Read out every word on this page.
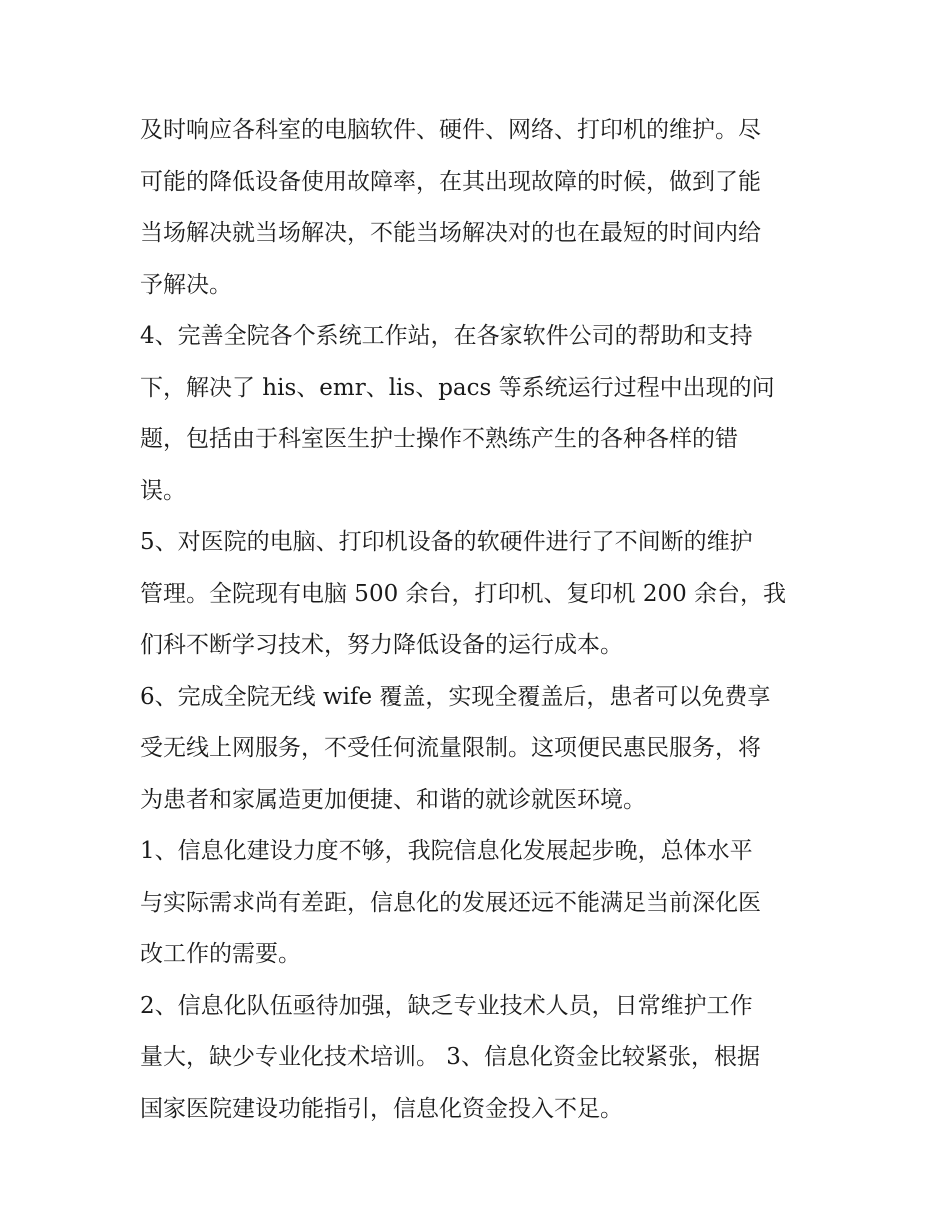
及时响应各科室的电脑软件、硬件、网络、打印机的维护。尽
可能的降低设备使用故障率，在其出现故障的时候，做到了能
当场解决就当场解决，不能当场解决对的也在最短的时间内给
予解决。
4、完善全院各个系统工作站，在各家软件公司的帮助和支持
下，解决了 his、emr、lis、pacs 等系统运行过程中出现的问
题，包括由于科室医生护士操作不熟练产生的各种各样的错
误。
5、对医院的电脑、打印机设备的软硬件进行了不间断的维护
管理。全院现有电脑 500 余台，打印机、复印机 200 余台，我
们科不断学习技术，努力降低设备的运行成本。
6、完成全院无线 wife 覆盖，实现全覆盖后，患者可以免费享
受无线上网服务，不受任何流量限制。这项便民惠民服务，将
为患者和家属造更加便捷、和谐的就诊就医环境。
1、信息化建设力度不够，我院信息化发展起步晚，总体水平
与实际需求尚有差距，信息化的发展还远不能满足当前深化医
改工作的需要。
2、信息化队伍亟待加强，缺乏专业技术人员，日常维护工作
量大，缺少专业化技术培训。 3、信息化资金比较紧张，根据
国家医院建设功能指引，信息化资金投入不足。
